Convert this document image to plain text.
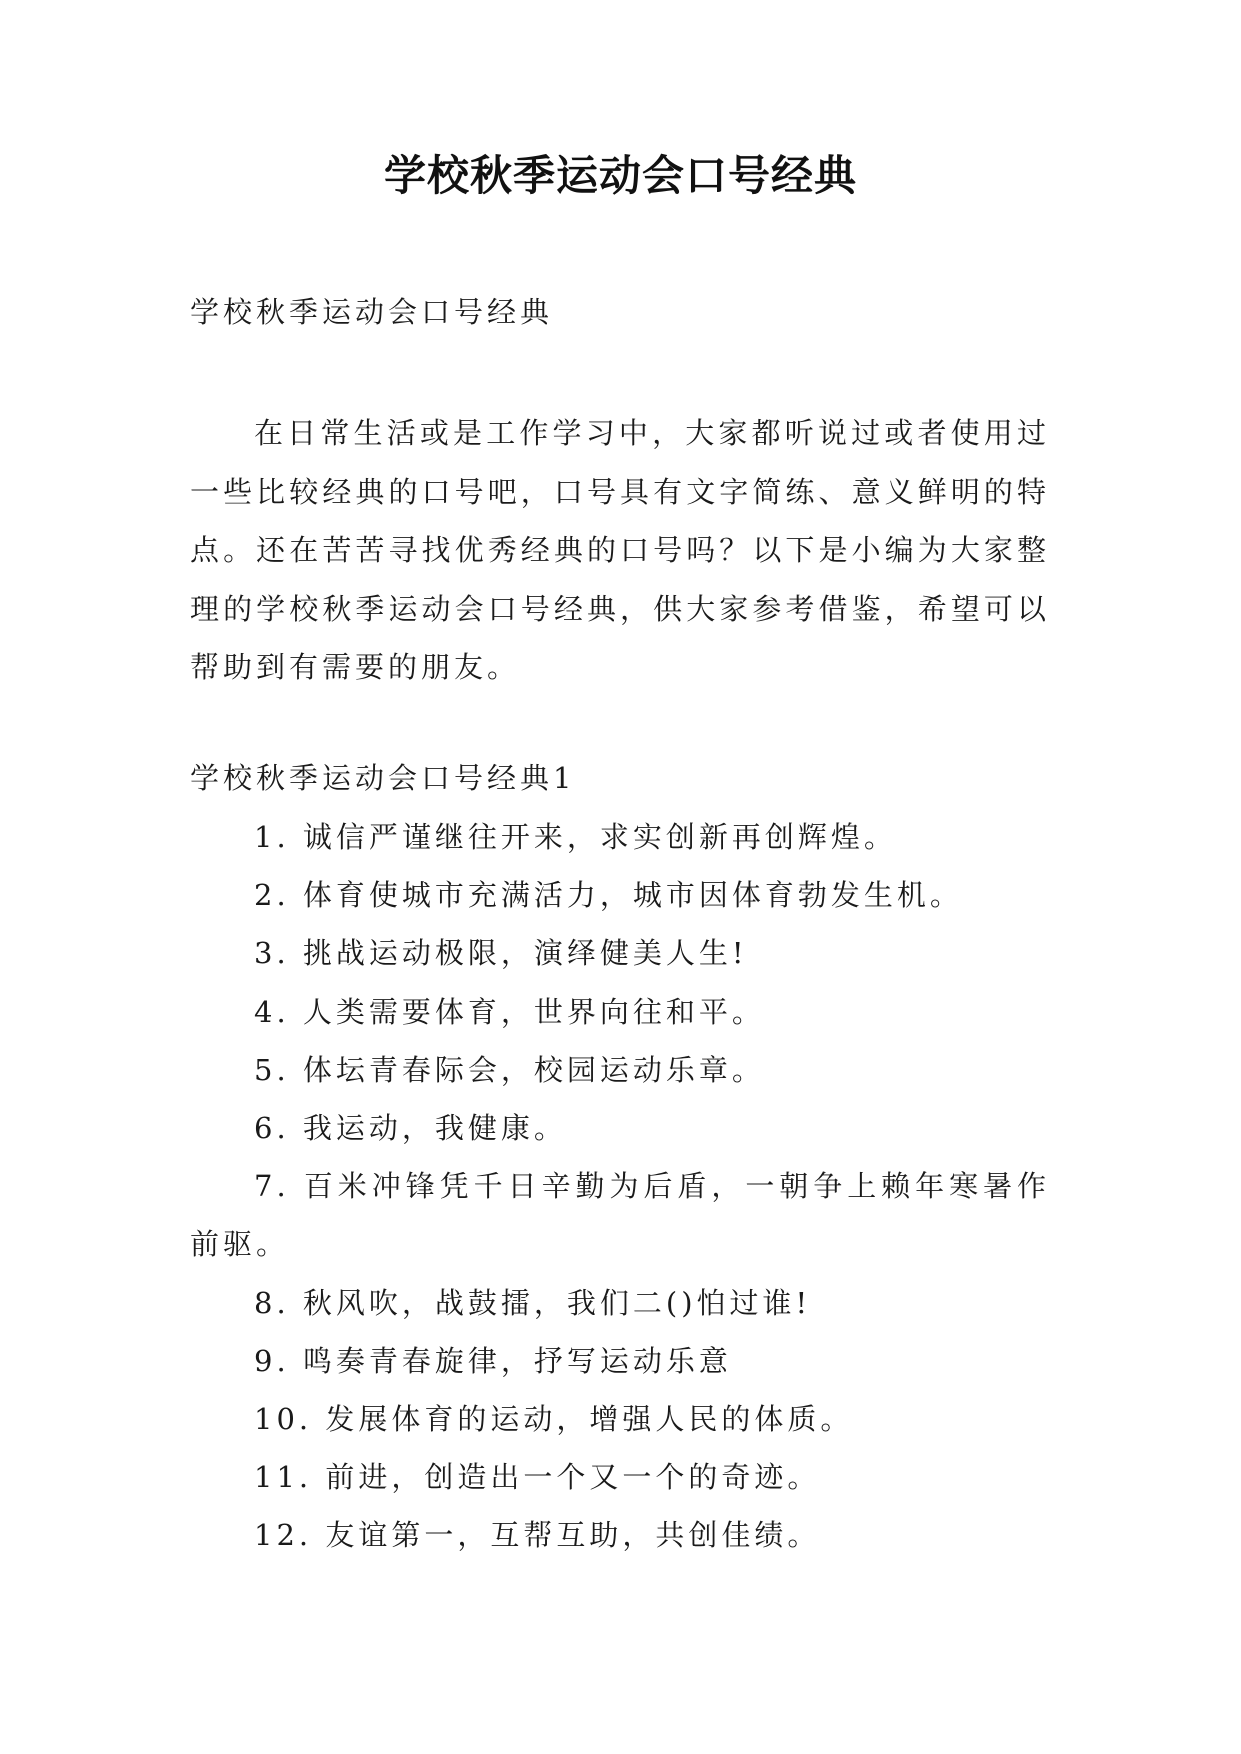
学校秋季运动会口号经典
学校秋季运动会口号经典

在日常生活或是工作学习中，大家都听说过或者使用过一些比较经典的口号吧，口号具有文字简练、意义鲜明的特点。还在苦苦寻找优秀经典的口号吗？以下是小编为大家整理的学校秋季运动会口号经典，供大家参考借鉴，希望可以帮助到有需要的朋友。

学校秋季运动会口号经典1
1. 诚信严谨继往开来，求实创新再创辉煌。
2. 体育使城市充满活力，城市因体育勃发生机。
3. 挑战运动极限，演绎健美人生!
4. 人类需要体育，世界向往和平。
5. 体坛青春际会，校园运动乐章。
6. 我运动，我健康。
7. 百米冲锋凭千日辛勤为后盾，一朝争上赖年寒暑作前驱。
8. 秋风吹，战鼓擂，我们二()怕过谁!
9. 鸣奏青春旋律，抒写运动乐意
10. 发展体育的运动，增强人民的体质。
11. 前进，创造出一个又一个的奇迹。
12. 友谊第一，互帮互助，共创佳绩。
